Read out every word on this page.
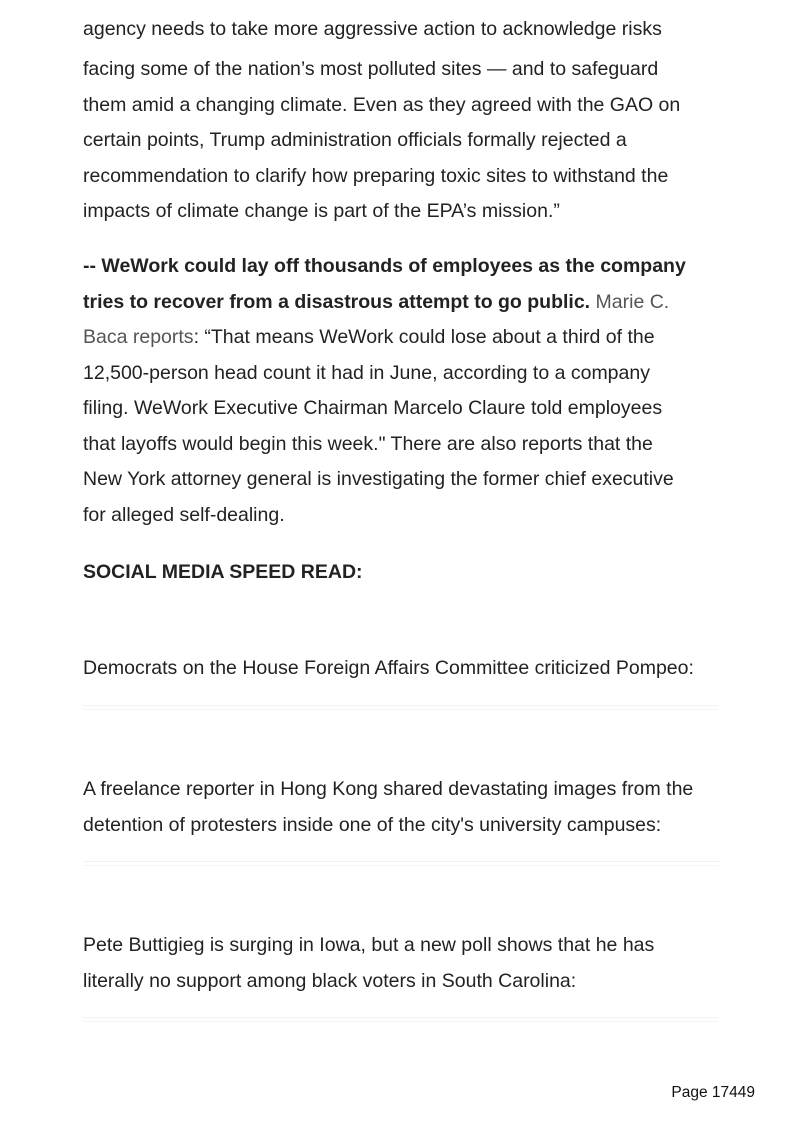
agency needs to take more aggressive action to acknowledge risks
facing some of the nation’s most polluted sites — and to safeguard
them amid a changing climate. Even as they agreed with the GAO on
certain points, Trump administration officials formally rejected a
recommendation to clarify how preparing toxic sites to withstand the
impacts of climate change is part of the EPA’s mission.”
-- WeWork could lay off thousands of employees as the company
tries to recover from a disastrous attempt to go public. Marie C.
Baca reports: “That means WeWork could lose about a third of the
12,500-person head count it had in June, according to a company
filing. WeWork Executive Chairman Marcelo Claure told employees
that layoffs would begin this week." There are also reports that the
New York attorney general is investigating the former chief executive
for alleged self-dealing.
SOCIAL MEDIA SPEED READ:
Democrats on the House Foreign Affairs Committee criticized Pompeo:
A freelance reporter in Hong Kong shared devastating images from the
detention of protesters inside one of the city's university campuses:
Pete Buttigieg is surging in Iowa, but a new poll shows that he has
literally no support among black voters in South Carolina:
Page 17449
